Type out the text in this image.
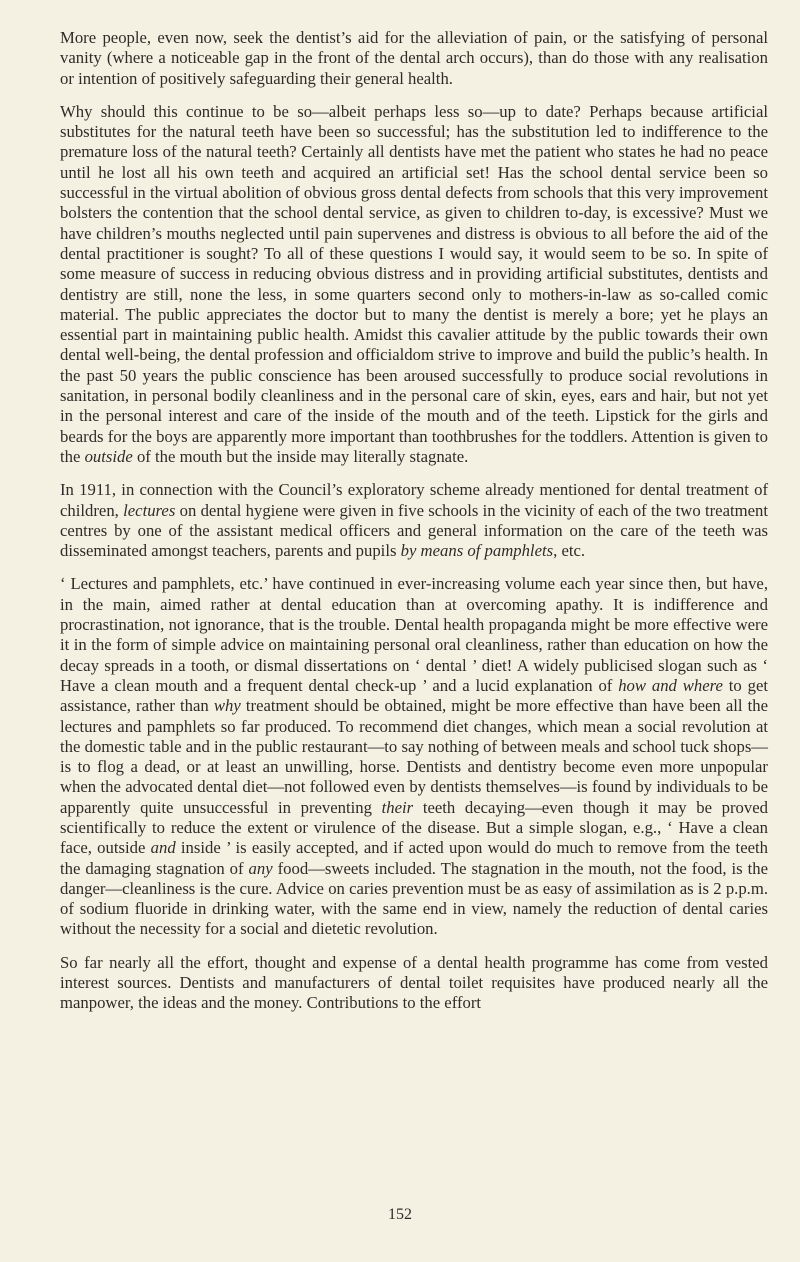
More people, even now, seek the dentist’s aid for the alleviation of pain, or the satisfying of personal vanity (where a noticeable gap in the front of the dental arch occurs), than do those with any realisation or intention of positively safeguarding their general health.

Why should this continue to be so—albeit perhaps less so—up to date? Perhaps because artificial substitutes for the natural teeth have been so successful; has the substitution led to indifference to the premature loss of the natural teeth? Certainly all dentists have met the patient who states he had no peace until he lost all his own teeth and acquired an artificial set! Has the school dental service been so successful in the virtual abolition of obvious gross dental defects from schools that this very improvement bolsters the contention that the school dental service, as given to children to-day, is excessive? Must we have children’s mouths neglected until pain supervenes and distress is obvious to all before the aid of the dental practitioner is sought? To all of these questions I would say, it would seem to be so. In spite of some measure of success in reducing obvious distress and in providing artificial substitutes, dentists and dentistry are still, none the less, in some quarters second only to mothers-in-law as so-called comic material. The public appreciates the doctor but to many the dentist is merely a bore; yet he plays an essential part in maintaining public health. Amidst this cavalier attitude by the public towards their own dental well-being, the dental profession and officialdom strive to improve and build the public’s health. In the past 50 years the public conscience has been aroused successfully to produce social revolutions in sanitation, in personal bodily cleanliness and in the personal care of skin, eyes, ears and hair, but not yet in the personal interest and care of the inside of the mouth and of the teeth. Lipstick for the girls and beards for the boys are apparently more important than toothbrushes for the toddlers. Attention is given to the outside of the mouth but the inside may literally stagnate.

In 1911, in connection with the Council’s exploratory scheme already mentioned for dental treatment of children, lectures on dental hygiene were given in five schools in the vicinity of each of the two treatment centres by one of the assistant medical officers and general information on the care of the teeth was disseminated amongst teachers, parents and pupils by means of pamphlets, etc.

‘ Lectures and pamphlets, etc.’ have continued in ever-increasing volume each year since then, but have, in the main, aimed rather at dental education than at overcoming apathy. It is indifference and procrastination, not ignorance, that is the trouble. Dental health propaganda might be more effective were it in the form of simple advice on maintaining personal oral cleanliness, rather than education on how the decay spreads in a tooth, or dismal dissertations on ‘ dental ’ diet! A widely publicised slogan such as ‘ Have a clean mouth and a frequent dental check-up ’ and a lucid explanation of how and where to get assistance, rather than why treatment should be obtained, might be more effective than have been all the lectures and pamphlets so far produced. To recommend diet changes, which mean a social revolution at the domestic table and in the public restaurant—to say nothing of between meals and school tuck shops—is to flog a dead, or at least an unwilling, horse. Dentists and dentistry become even more unpopular when the advocated dental diet—not followed even by dentists themselves—is found by individuals to be apparently quite unsuccessful in preventing their teeth decaying—even though it may be proved scientifically to reduce the extent or virulence of the disease. But a simple slogan, e.g., ‘ Have a clean face, outside and inside ’ is easily accepted, and if acted upon would do much to remove from the teeth the damaging stagnation of any food—sweets included. The stagnation in the mouth, not the food, is the danger—cleanliness is the cure. Advice on caries prevention must be as easy of assimilation as is 2 p.p.m. of sodium fluoride in drinking water, with the same end in view, namely the reduction of dental caries without the necessity for a social and dietetic revolution.

So far nearly all the effort, thought and expense of a dental health programme has come from vested interest sources. Dentists and manufacturers of dental toilet requisites have produced nearly all the manpower, the ideas and the money. Contributions to the effort

152
